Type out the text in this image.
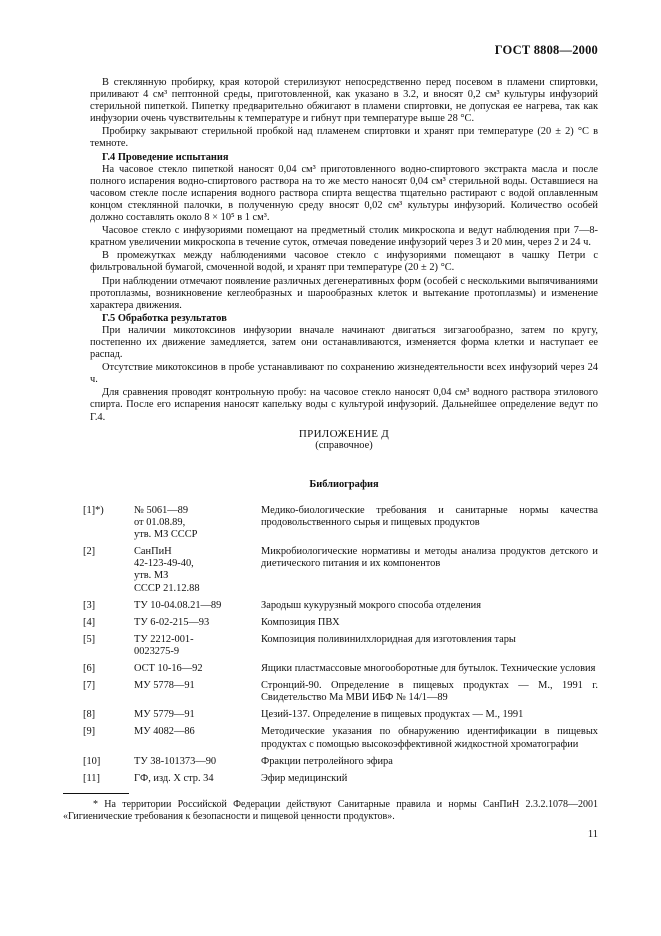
ГОСТ 8808—2000

В стеклянную пробирку, края которой стерилизуют непосредственно перед посевом в пламени спиртовки, приливают 4 см³ пептонной среды, приготовленной, как указано в 3.2, и вносят 0,2 см³ культуры инфузорий стерильной пипеткой. Пипетку предварительно обжигают в пламени спиртовки, не допуская ее нагрева, так как инфузории очень чувствительны к температуре и гибнут при температуре выше 28 °С.

Пробирку закрывают стерильной пробкой над пламенем спиртовки и хранят при температуре (20 ± 2) °С в темноте.

Г.4 Проведение испытания

На часовое стекло пипеткой наносят 0,04 см³ приготовленного водно-спиртового экстракта масла и после полного испарения водно-спиртового раствора на то же место наносят 0,04 см³ стерильной воды. Оставшиеся на часовом стекле после испарения водного раствора спирта вещества тщательно растирают с водой оплавленным концом стеклянной палочки, в полученную среду вносят 0,02 см³ культуры инфузорий. Количество особей должно составлять около 8 × 10⁵ в 1 см³.

Часовое стекло с инфузориями помещают на предметный столик микроскопа и ведут наблюдения при 7—8-кратном увеличении микроскопа в течение суток, отмечая поведение инфузорий через 3 и 20 мин, через 2 и 24 ч.

В промежутках между наблюдениями часовое стекло с инфузориями помещают в чашку Петри с фильтровальной бумагой, смоченной водой, и хранят при температуре (20 ± 2) °С.

При наблюдении отмечают появление различных дегенеративных форм (особей с несколькими выпячиваниями протоплазмы, возникновение кеглеобразных и шарообразных клеток и вытекание протоплазмы) и изменение характера движения.

Г.5 Обработка результатов

При наличии микотоксинов инфузории вначале начинают двигаться зигзагообразно, затем по кругу, постепенно их движение замедляется, затем они останавливаются, изменяется форма клетки и наступает ее распад.

Отсутствие микотоксинов в пробе устанавливают по сохранению жизнедеятельности всех инфузорий через 24 ч.

Для сравнения проводят контрольную пробу: на часовое стекло наносят 0,04 см³ водного раствора этилового спирта. После его испарения наносят капельку воды с культурой инфузорий. Дальнейшее определение ведут по Г.4.

ПРИЛОЖЕНИЕ Д
(справочное)
Библиография
[1]*)	№ 5061—89
от 01.08.89,
утв. МЗ СССР	Медико-биологические требования и санитарные нормы качества продовольственного сырья и пищевых продуктов
[2]	СанПиН
42-123-49-40,
утв. МЗ
СССР 21.12.88	Микробиологические нормативы и методы анализа продуктов детского и диетического питания и их компонентов
[3]	ТУ 10-04.08.21—89	Зародыш кукурузный мокрого способа отделения
[4]	ТУ 6-02-215—93	Композиция ПВХ
[5]	ТУ 2212-001-
0023275-9	Композиция поливинилхлоридная для изготовления тары
[6]	ОСТ 10-16—92	Ящики пластмассовые многооборотные для бутылок. Технические условия
[7]	МУ 5778—91	Стронций-90. Определение в пищевых продуктах — М., 1991 г. Свидетельство Ма МВИ ИБФ № 14/1—89
[8]	МУ 5779—91	Цезий-137. Определение в пищевых продуктах — М., 1991
[9]	МУ 4082—86	Методические указания по обнаружению идентификации в пищевых продуктах с помощью высокоэффективной жидкостной хроматографии
[10]	ТУ 38-101373—90	Фракции петролейного эфира
[11]	ГФ, изд. Х стр. 34	Эфир медицинский
* На территории Российской Федерации действуют Санитарные правила и нормы СанПиН 2.3.2.1078—2001 «Гигиенические требования к безопасности и пищевой ценности продуктов».
11
